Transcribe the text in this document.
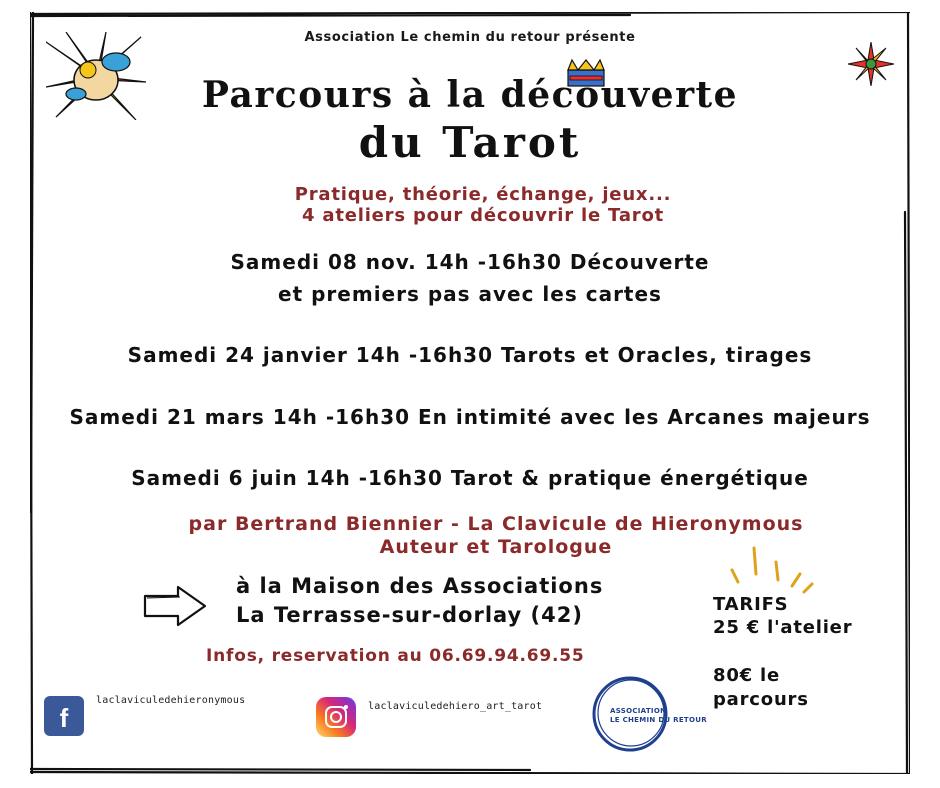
Association Le chemin du retour présente
Parcours à la découverte
du Tarot
Pratique, théorie, échange, jeux...
4 ateliers pour découvrir le Tarot
Samedi 08 nov. 14h -16h30 Découverte
et premiers pas avec les cartes
Samedi 24 janvier 14h -16h30 Tarots et Oracles, tirages
Samedi 21 mars 14h -16h30 En intimité avec les Arcanes majeurs
Samedi 6 juin 14h -16h30 Tarot & pratique énergétique
par Bertrand Biennier - La Clavicule de Hieronymous
Auteur et Tarologue
à la Maison des Associations
La Terrasse-sur-dorlay (42)
Infos, reservation au 06.69.94.69.55
TARIFS
25 € l'atelier
80€ le
parcours
f
laclaviculedehieronymous
laclaviculedehiero_art_tarot	ASSOCIATION
LE CHEMIN DU RETOUR
